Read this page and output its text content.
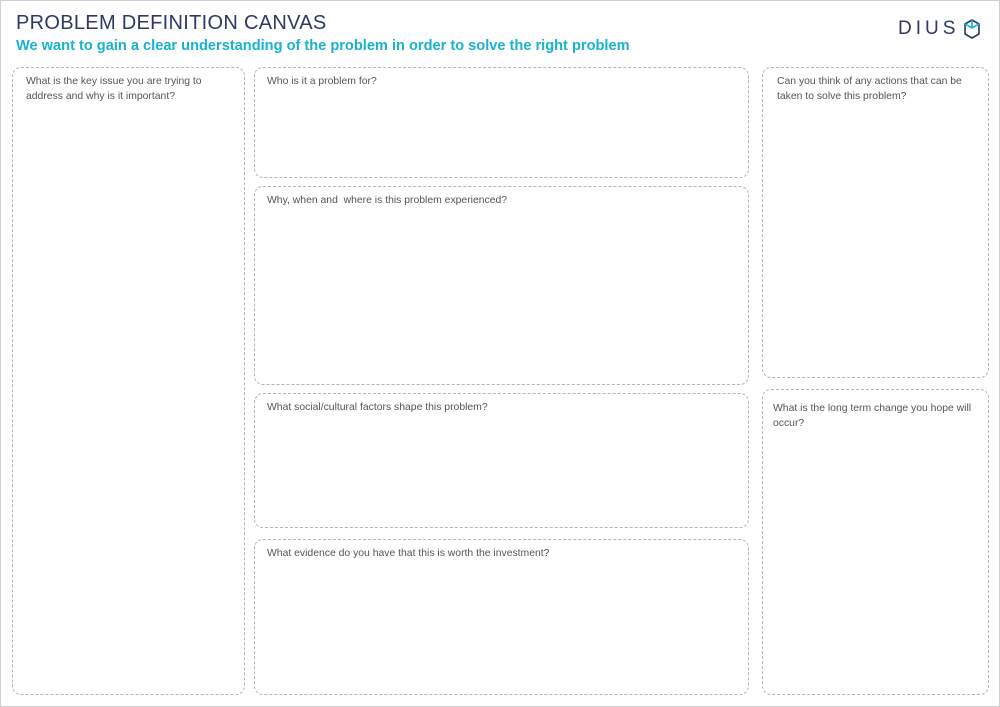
PROBLEM DEFINITION CANVAS
We want to gain a clear understanding of the problem in order to solve the right problem
DIUS

What is the key issue you are trying to address and why is it important?

Who is it a problem for?

Why, when and  where is this problem experienced?

What social/cultural factors shape this problem?

What evidence do you have that this is worth the investment?

Can you think of any actions that can be taken to solve this problem?

What is the long term change you hope will occur?
